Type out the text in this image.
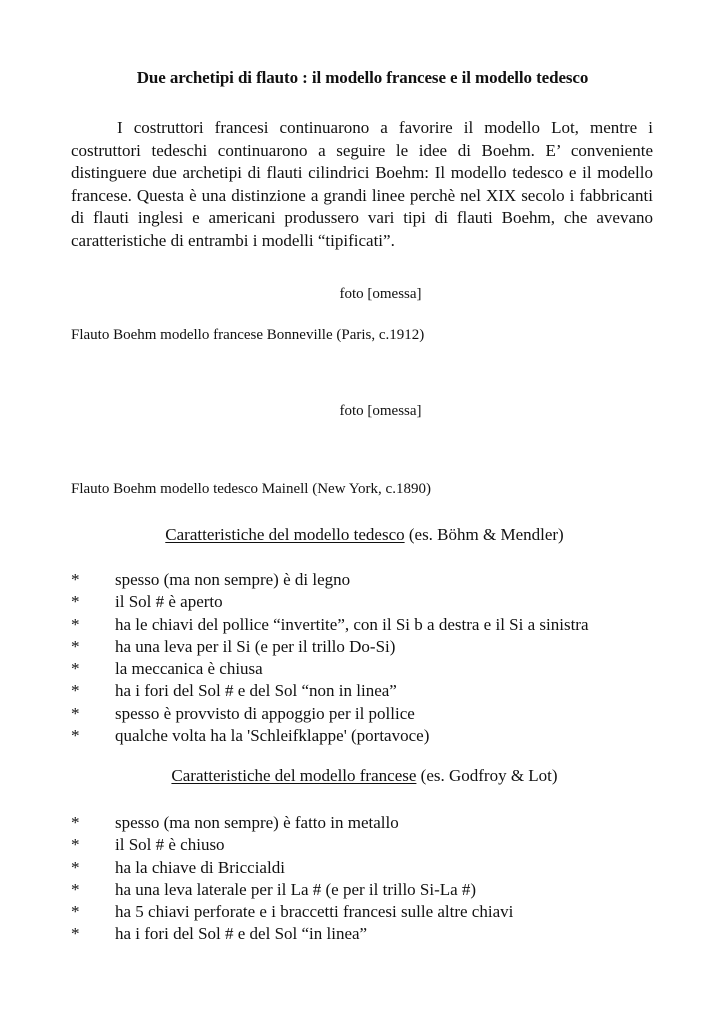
Due archetipi di flauto : il modello francese e il modello tedesco

I costruttori francesi continuarono a favorire il modello Lot, mentre i costruttori tedeschi continuarono a seguire le idee di Boehm. E’ conveniente distinguere due archetipi di flauti cilindrici Boehm: Il modello tedesco e il modello francese. Questa è una distinzione a grandi linee perchè nel XIX secolo i fabbricanti di flauti inglesi e americani produssero vari tipi di flauti Boehm, che avevano caratteristiche di entrambi i modelli “tipificati”.

foto [omessa]
Flauto Boehm modello francese Bonneville (Paris, c.1912)
foto [omessa]
Flauto Boehm modello tedesco Mainell (New York, c.1890)
Caratteristiche del modello tedesco (es. Böhm & Mendler)
*	spesso (ma non sempre) è di legno
*	il Sol # è aperto
*	ha le chiavi del pollice “invertite”, con il Si b a destra e il Si a sinistra
*	ha una leva per il Si (e per il trillo Do-Si)
*	la meccanica è chiusa
*	ha i fori del Sol # e del Sol “non in linea”
*	spesso è provvisto di appoggio per il pollice
*	qualche volta ha la 'Schleifklappe' (portavoce)
Caratteristiche del modello francese (es. Godfroy & Lot)
*	spesso (ma non sempre) è fatto in metallo
*	il Sol # è chiuso
*	ha la chiave di Briccialdi
*	ha una leva laterale per il La # (e per il trillo Si-La #)
*	ha 5 chiavi perforate e i braccetti francesi sulle altre chiavi
*	ha i fori del Sol # e del Sol “in linea”
